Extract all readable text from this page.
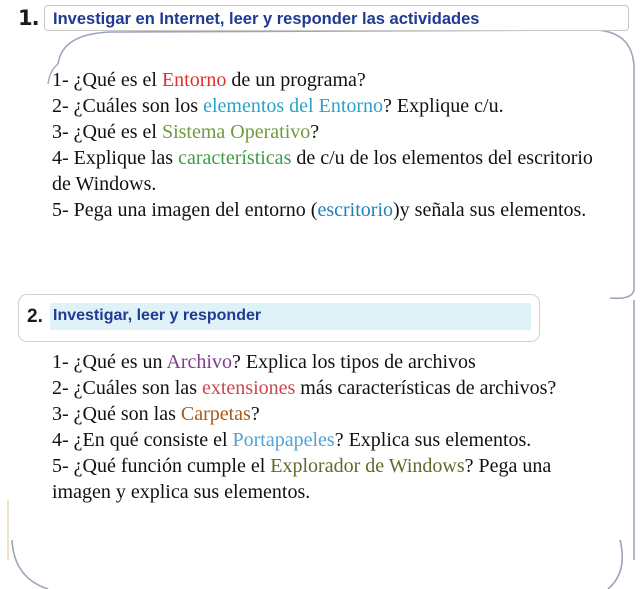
1. Investigar en Internet, leer y responder las actividades
1- ¿Qué es el Entorno de un programa?
2- ¿Cuáles son los elementos del Entorno? Explique c/u.
3- ¿Qué es el Sistema Operativo?
4- Explique las características de c/u de los elementos del escritorio de Windows.
5- Pega una imagen del entorno (escritorio)y señala sus elementos.
2. Investigar, leer y responder
1- ¿Qué es un Archivo? Explica los tipos de archivos
2- ¿Cuáles son las extensiones más características de archivos?
3- ¿Qué son las Carpetas?
4- ¿En qué consiste el Portapapeles? Explica sus elementos.
5- ¿Qué función cumple el Explorador de Windows? Pega una imagen y explica sus elementos.
